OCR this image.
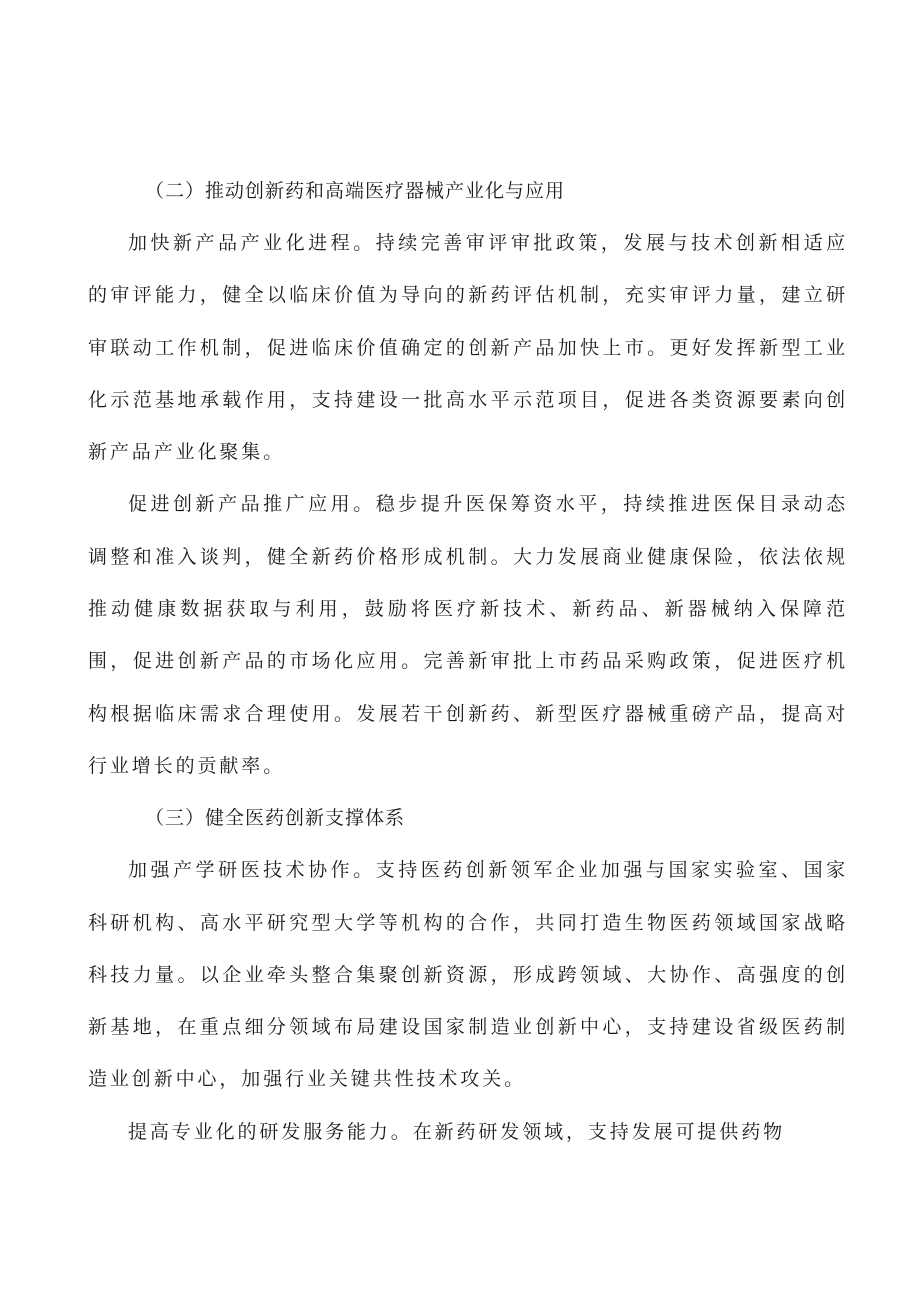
（二）推动创新药和高端医疗器械产业化与应用

加快新产品产业化进程。持续完善审评审批政策，发展与技术创新相适应的审评能力，健全以临床价值为导向的新药评估机制，充实审评力量，建立研审联动工作机制，促进临床价值确定的创新产品加快上市。更好发挥新型工业化示范基地承载作用，支持建设一批高水平示范项目，促进各类资源要素向创新产品产业化聚集。

促进创新产品推广应用。稳步提升医保筹资水平，持续推进医保目录动态调整和准入谈判，健全新药价格形成机制。大力发展商业健康保险，依法依规推动健康数据获取与利用，鼓励将医疗新技术、新药品、新器械纳入保障范围，促进创新产品的市场化应用。完善新审批上市药品采购政策，促进医疗机构根据临床需求合理使用。发展若干创新药、新型医疗器械重磅产品，提高对行业增长的贡献率。

（三）健全医药创新支撑体系

加强产学研医技术协作。支持医药创新领军企业加强与国家实验室、国家科研机构、高水平研究型大学等机构的合作，共同打造生物医药领域国家战略科技力量。以企业牵头整合集聚创新资源，形成跨领域、大协作、高强度的创新基地，在重点细分领域布局建设国家制造业创新中心，支持建设省级医药制造业创新中心，加强行业关键共性技术攻关。

提高专业化的研发服务能力。在新药研发领域，支持发展可提供药物
